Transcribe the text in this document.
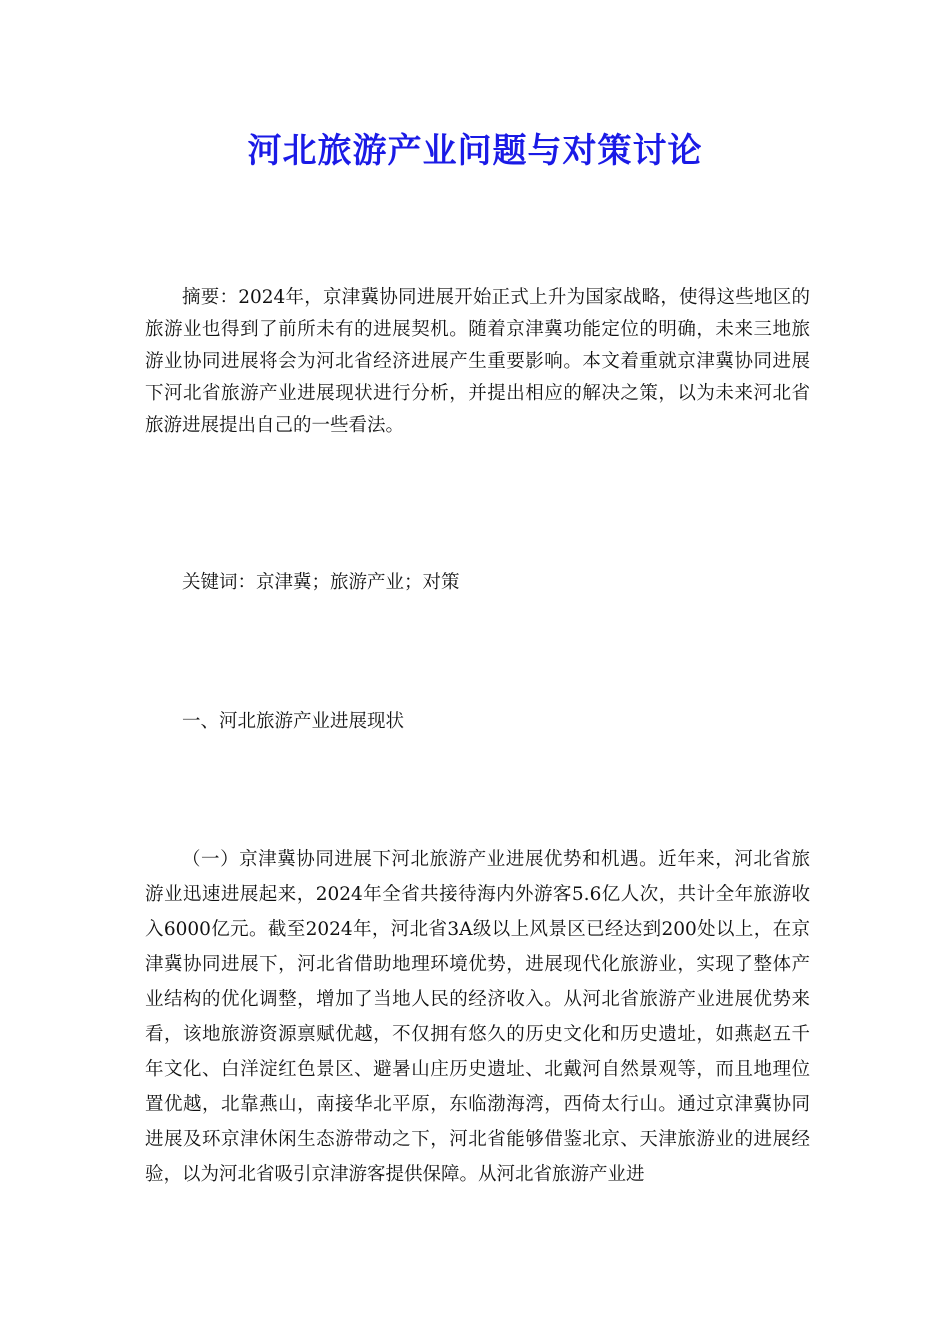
河北旅游产业问题与对策讨论
摘要：2024年，京津冀协同进展开始正式上升为国家战略，使得这些地区的旅游业也得到了前所未有的进展契机。随着京津冀功能定位的明确，未来三地旅游业协同进展将会为河北省经济进展产生重要影响。本文着重就京津冀协同进展下河北省旅游产业进展现状进行分析，并提出相应的解决之策，以为未来河北省旅游进展提出自己的一些看法。
关键词：京津冀；旅游产业；对策
一、河北旅游产业进展现状
（一）京津冀协同进展下河北旅游产业进展优势和机遇。近年来，河北省旅游业迅速进展起来，2024年全省共接待海内外游客5.6亿人次，共计全年旅游收入6000亿元。截至2024年，河北省3A级以上风景区已经达到200处以上，在京津冀协同进展下，河北省借助地理环境优势，进展现代化旅游业，实现了整体产业结构的优化调整，增加了当地人民的经济收入。从河北省旅游产业进展优势来看，该地旅游资源禀赋优越，不仅拥有悠久的历史文化和历史遗址，如燕赵五千年文化、白洋淀红色景区、避暑山庄历史遗址、北戴河自然景观等，而且地理位置优越，北靠燕山，南接华北平原，东临渤海湾，西倚太行山。通过京津冀协同进展及环京津休闲生态游带动之下，河北省能够借鉴北京、天津旅游业的进展经验，以为河北省吸引京津游客提供保障。从河北省旅游产业进
